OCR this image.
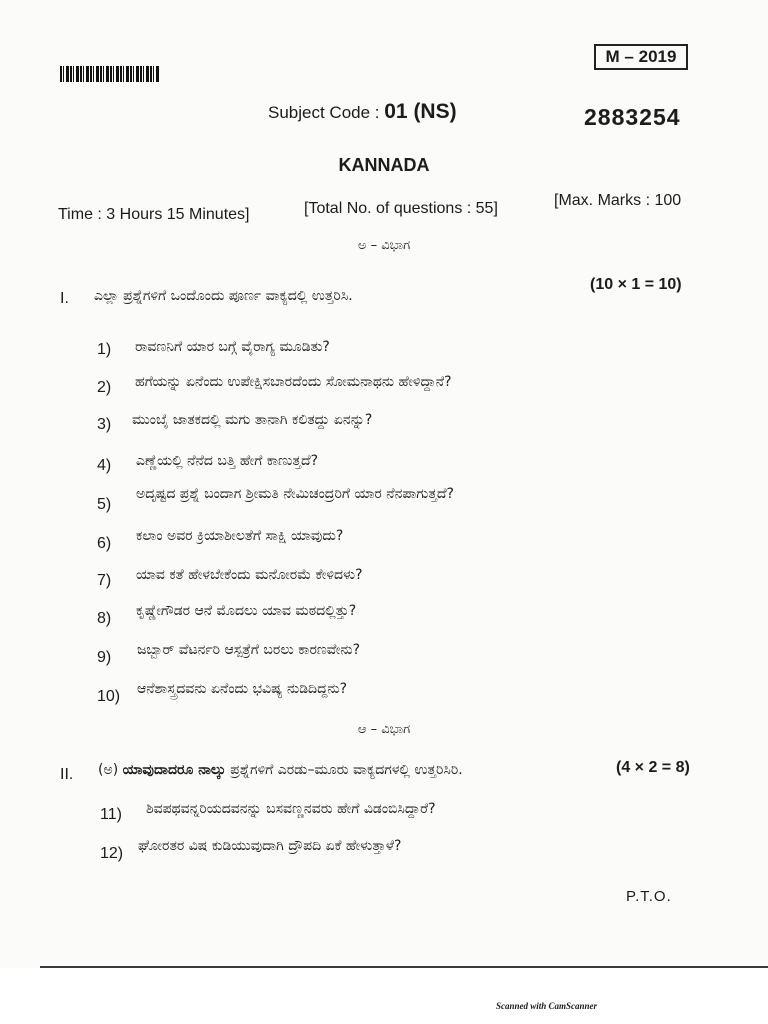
M – 2019
Subject Code : 01 (NS)	2883254
KANNADA
Time : 3 Hours 15 Minutes]	[Total No. of questions : 55]	[Max. Marks : 100
ಅ – ವಿಭಾಗ
I. ಎಲ್ಲಾ ಪ್ರಶ್ನೆಗಳಿಗೆ ಒಂದೊಂದು ಪೂರ್ಣ ವಾಕ್ಯದಲ್ಲಿ ಉತ್ತರಿಸಿ.
(10 × 1 = 10)
1) ರಾವಣನಿಗೆ ಯಾರ ಬಗ್ಗೆ ವೈರಾಗ್ಯ ಮೂಡಿತು?
2) ಹಗೆಯನ್ನು ಏನೆಂದು ಉಪೇಕ್ಷಿಸಬಾರದೆಂದು ಸೋಮನಾಥನು ಹೇಳಿದ್ದಾನೆ?
3) ಮುಂಬೈ ಜಾತಕದಲ್ಲಿ ಮಗು ತಾನಾಗಿ ಕಲಿತದ್ದು ಏನನ್ನು?
4) ಎಣ್ಣೆಯಲ್ಲಿ ನೆನೆದ ಬತ್ತಿ ಹೇಗೆ ಕಾಣುತ್ತದೆ?
5)
ಅದೃಷ್ಟದ ಪ್ರಶ್ನೆ ಬಂದಾಗ ಶ್ರೀಮತಿ ನೇಮಿಚಂದ್ರರಿಗೆ ಯಾರ ನೆನಪಾಗುತ್ತದೆ?
6) ಕಲಾಂ ಅವರ ಕ್ರಿಯಾಶೀಲತೆಗೆ ಸಾಕ್ಷಿ ಯಾವುದು?
7) ಯಾವ ಕತೆ ಹೇಳಬೇಕೆಂದು ಮನೋರಮೆ ಕೇಳಿದಳು?
8) ಕೃಷ್ಣೇಗೌಡರ ಆನೆ ಮೊದಲು ಯಾವ ಮಠದಲ್ಲಿತ್ತು?
9) ಜಬ್ಬಾರ್ ವೆಟರ್ನರಿ ಆಸ್ಪತ್ರೆಗೆ ಬರಲು ಕಾರಣವೇನು?
10) ಆನೆಶಾಸ್ತ್ರದವನು ಏನೆಂದು ಭವಿಷ್ಯ ನುಡಿದಿದ್ದನು?
ಆ – ವಿಭಾಗ
II. (ಅ) ಯಾವುದಾದರೂ ನಾಲ್ಕು ಪ್ರಶ್ನೆಗಳಿಗೆ ಎರಡು–ಮೂರು ವಾಕ್ಯದಗಳಲ್ಲಿ ಉತ್ತರಿಸಿರಿ.	(4 × 2 = 8)
11) ಶಿವಪಥವನ್ನರಿಯದವನನ್ನು ಬಸವಣ್ಣನವರು ಹೇಗೆ ವಿಡಂಬಿಸಿದ್ದಾರೆ?
12) ಘೋರತರ ವಿಷ ಕುಡಿಯುವುದಾಗಿ ದ್ರೌಪದಿ ಏಕೆ ಹೇಳುತ್ತಾಳೆ?
P.T.O.
Scanned with CamScanner
